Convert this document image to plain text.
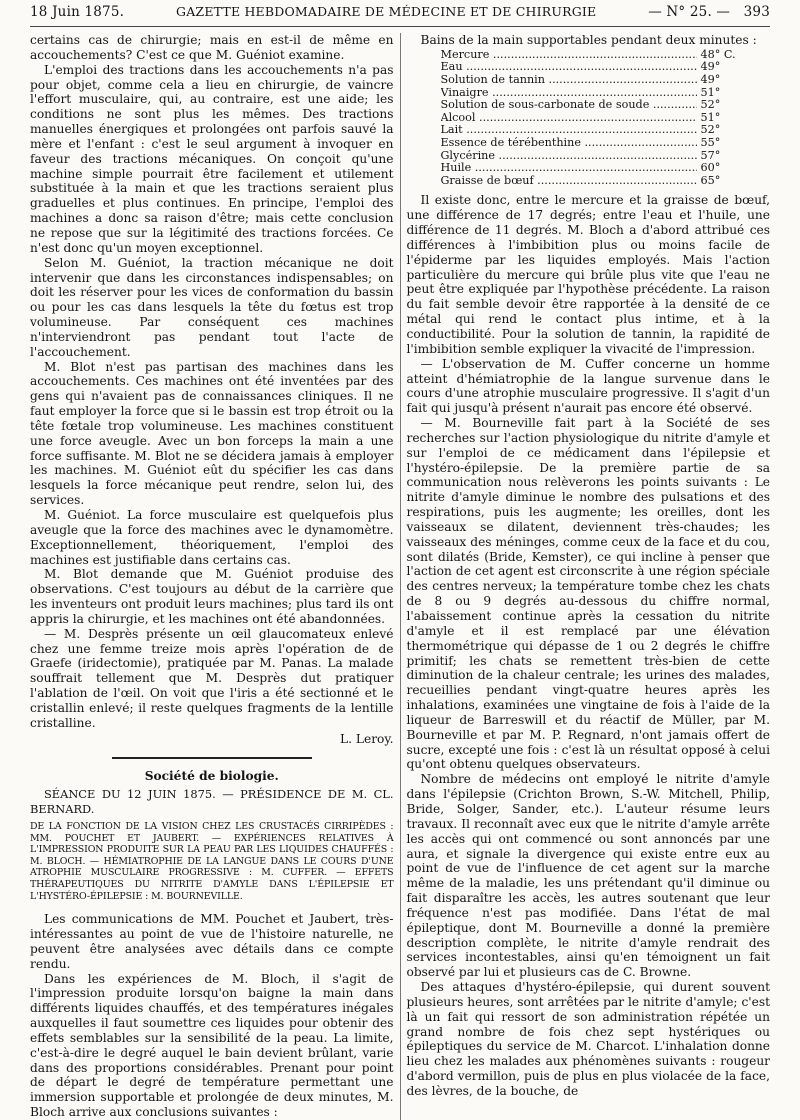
18 Juin 1875.	GAZETTE HEBDOMADAIRE DE MÉDECINE ET DE CHIRURGIE	— N° 25. — 393

certains cas de chirurgie; mais en est-il de même en accouchements? C'est ce que M. Guéniot examine.

L'emploi des tractions dans les accouchements n'a pas pour objet, comme cela a lieu en chirurgie, de vaincre l'effort musculaire, qui, au contraire, est une aide; les conditions ne sont plus les mêmes. Des tractions manuelles énergiques et prolongées ont parfois sauvé la mère et l'enfant : c'est le seul argument à invoquer en faveur des tractions mécaniques. On conçoit qu'une machine simple pourrait être facilement et utilement substituée à la main et que les tractions seraient plus graduelles et plus continues. En principe, l'emploi des machines a donc sa raison d'être; mais cette conclusion ne repose que sur la légitimité des tractions forcées. Ce n'est donc qu'un moyen exceptionnel.

Selon M. Guéniot, la traction mécanique ne doit intervenir que dans les circonstances indispensables; on doit les réserver pour les vices de conformation du bassin ou pour les cas dans lesquels la tête du fœtus est trop volumineuse. Par conséquent ces machines n'interviendront pas pendant tout l'acte de l'accouchement.

M. Blot n'est pas partisan des machines dans les accouchements. Ces machines ont été inventées par des gens qui n'avaient pas de connaissances cliniques. Il ne faut employer la force que si le bassin est trop étroit ou la tête fœtale trop volumineuse. Les machines constituent une force aveugle. Avec un bon forceps la main a une force suffisante. M. Blot ne se décidera jamais à employer les machines. M. Guéniot eût du spécifier les cas dans lesquels la force mécanique peut rendre, selon lui, des services.

M. Guéniot. La force musculaire est quelquefois plus aveugle que la force des machines avec le dynamomètre. Exceptionnellement, théoriquement, l'emploi des machines est justifiable dans certains cas.

M. Blot demande que M. Guéniot produise des observations. C'est toujours au début de la carrière que les inventeurs ont produit leurs machines; plus tard ils ont appris la chirurgie, et les machines ont été abandonnées.

— M. Desprès présente un œil glaucomateux enlevé chez une femme treize mois après l'opération de de Graefe (iridectomie), pratiquée par M. Panas. La malade souffrait tellement que M. Desprès dut pratiquer l'ablation de l'œil. On voit que l'iris a été sectionné et le cristallin enlevé; il reste quelques fragments de la lentille cristalline.

L. Leroy.

Société de biologie.

SÉANCE DU 12 JUIN 1875. — PRÉSIDENCE DE M. CL. BERNARD.

DE LA FONCTION DE LA VISION CHEZ LES CRUSTACÉS CIRRIPÈDES : MM. POUCHET ET JAUBERT. — EXPÉRIENCES RELATIVES À L'IMPRESSION PRODUITE SUR LA PEAU PAR LES LIQUIDES CHAUFFÉS : M. BLOCH. — HÉMIATROPHIE DE LA LANGUE DANS LE COURS D'UNE ATROPHIE MUSCULAIRE PROGRESSIVE : M. CUFFER. — EFFETS THÉRAPEUTIQUES DU NITRITE D'AMYLE DANS L'ÉPILEPSIE ET L'HYSTÉRO-ÉPILEPSIE : M. BOURNEVILLE.

Les communications de MM. Pouchet et Jaubert, très-intéressantes au point de vue de l'histoire naturelle, ne peuvent être analysées avec détails dans ce compte rendu.

Dans les expériences de M. Bloch, il s'agit de l'impression produite lorsqu'on baigne la main dans différents liquides chauffés, et des températures inégales auxquelles il faut soumettre ces liquides pour obtenir des effets semblables sur la sensibilité de la peau. La limite, c'est-à-dire le degré auquel le bain devient brûlant, varie dans des proportions considérables. Prenant pour point de départ le degré de température permettant une immersion supportable et prolongée de deux minutes, M. Bloch arrive aux conclusions suivantes :

Bains de la main supportables pendant deux minutes :

Mercure .....	48° C.
Eau .....	49°
Solution de tannin .....	49°
Vinaigre .....	51°
Solution de sous-carbonate de soude .....	52°
Alcool .....	51°
Lait .....	52°
Essence de térébenthine .....	55°
Glycérine .....	57°
Huile .....	60°
Graisse de bœuf .....	65°

Il existe donc, entre le mercure et la graisse de bœuf, une différence de 17 degrés; entre l'eau et l'huile, une différence de 11 degrés. M. Bloch a d'abord attribué ces différences à l'imbibition plus ou moins facile de l'épiderme par les liquides employés. Mais l'action particulière du mercure qui brûle plus vite que l'eau ne peut être expliquée par l'hypothèse précédente. La raison du fait semble devoir être rapportée à la densité de ce métal qui rend le contact plus intime, et à la conductibilité. Pour la solution de tannin, la rapidité de l'imbibition semble expliquer la vivacité de l'impression.

— L'observation de M. Cuffer concerne un homme atteint d'hémiatrophie de la langue survenue dans le cours d'une atrophie musculaire progressive. Il s'agit d'un fait qui jusqu'à présent n'aurait pas encore été observé.

— M. Bourneville fait part à la Société de ses recherches sur l'action physiologique du nitrite d'amyle et sur l'emploi de ce médicament dans l'épilepsie et l'hystéro-épilepsie. De la première partie de sa communication nous relèverons les points suivants : Le nitrite d'amyle diminue le nombre des pulsations et des respirations, puis les augmente; les oreilles, dont les vaisseaux se dilatent, deviennent très-chaudes; les vaisseaux des méninges, comme ceux de la face et du cou, sont dilatés (Bride, Kemster), ce qui incline à penser que l'action de cet agent est circonscrite à une région spéciale des centres nerveux; la température tombe chez les chats de 8 ou 9 degrés au-dessous du chiffre normal, l'abaissement continue après la cessation du nitrite d'amyle et il est remplacé par une élévation thermométrique qui dépasse de 1 ou 2 degrés le chiffre primitif; les chats se remettent très-bien de cette diminution de la chaleur centrale; les urines des malades, recueillies pendant vingt-quatre heures après les inhalations, examinées une vingtaine de fois à l'aide de la liqueur de Barreswill et du réactif de Müller, par M. Bourneville et par M. P. Regnard, n'ont jamais offert de sucre, excepté une fois : c'est là un résultat opposé à celui qu'ont obtenu quelques observateurs.

Nombre de médecins ont employé le nitrite d'amyle dans l'épilepsie (Crichton Brown, S.-W. Mitchell, Philip, Bride, Solger, Sander, etc.). L'auteur résume leurs travaux. Il reconnaît avec eux que le nitrite d'amyle arrête les accès qui ont commencé ou sont annoncés par une aura, et signale la divergence qui existe entre eux au point de vue de l'influence de cet agent sur la marche même de la maladie, les uns prétendant qu'il diminue ou fait disparaître les accès, les autres soutenant que leur fréquence n'est pas modifiée. Dans l'état de mal épileptique, dont M. Bourneville a donné la première description complète, le nitrite d'amyle rendrait des services incontestables, ainsi qu'en témoignent un fait observé par lui et plusieurs cas de C. Browne.

Des attaques d'hystéro-épilepsie, qui durent souvent plusieurs heures, sont arrêtées par le nitrite d'amyle; c'est là un fait qui ressort de son administration répétée un grand nombre de fois chez sept hystériques ou épileptiques du service de M. Charcot. L'inhalation donne lieu chez les malades aux phénomènes suivants : rougeur d'abord vermillon, puis de plus en plus violacée de la face, des lèvres, de la bouche, de
